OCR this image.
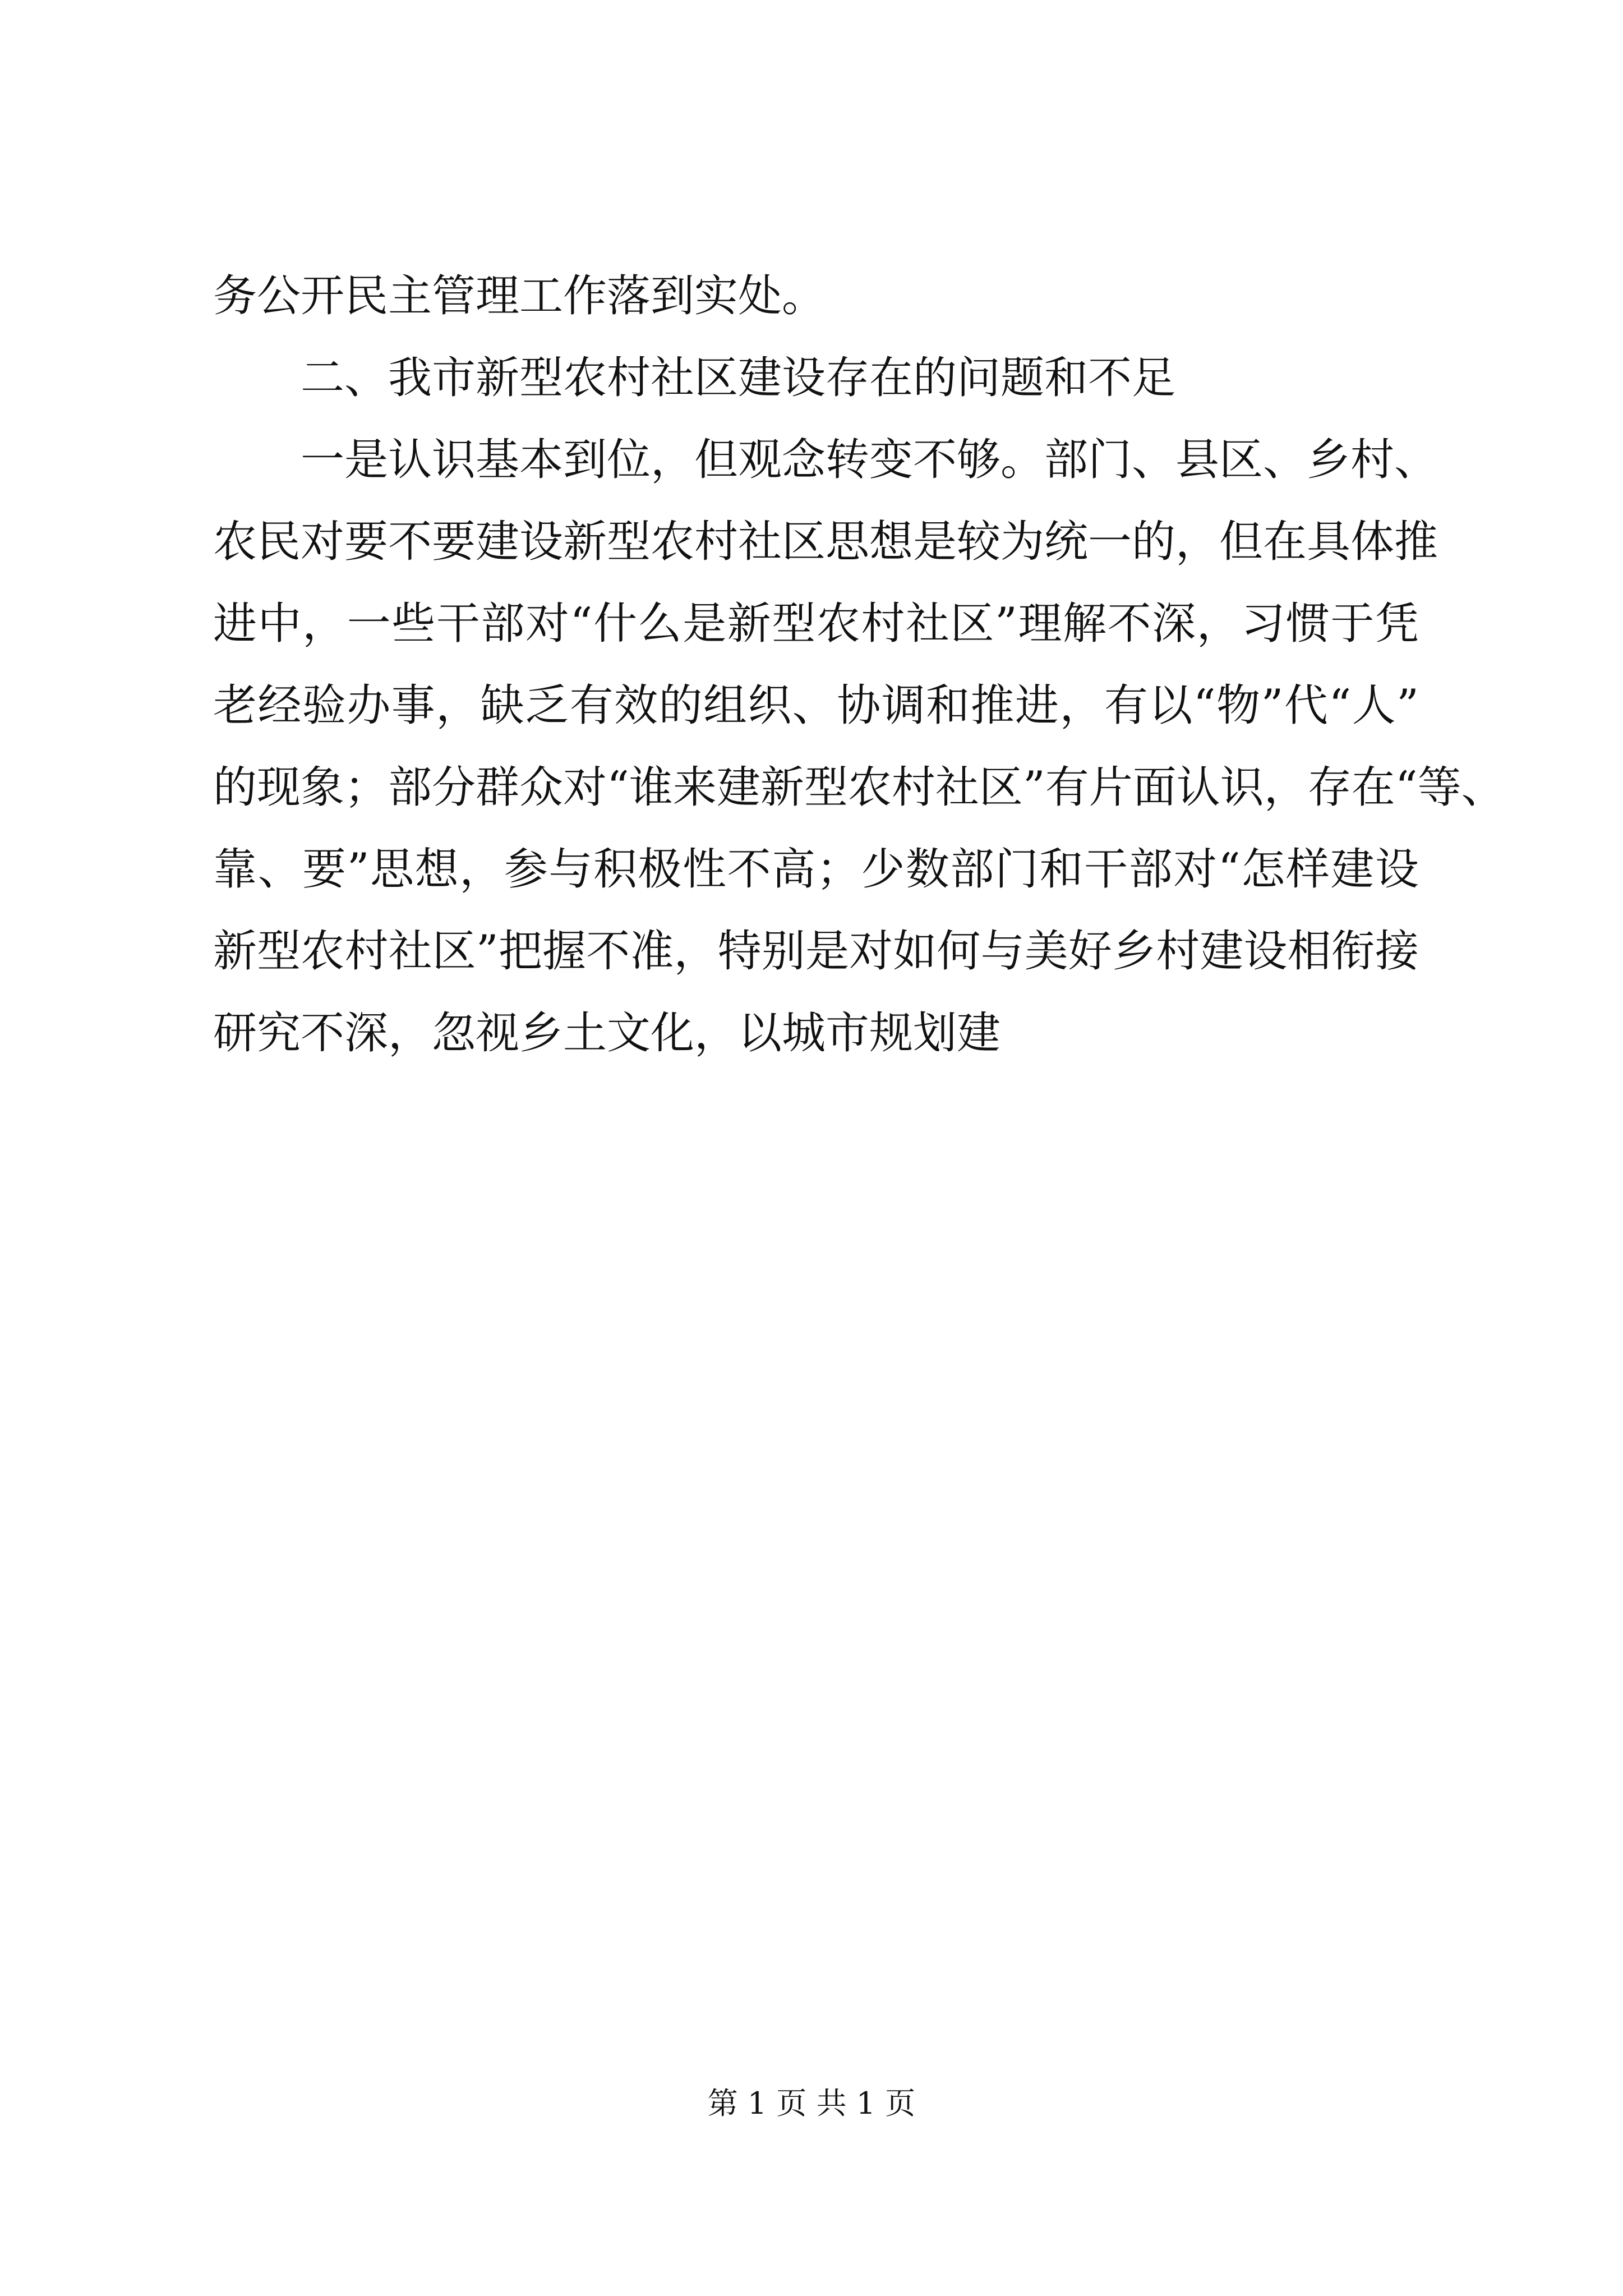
务公开民主管理工作落到实处。
二、我市新型农村社区建设存在的问题和不足
一是认识基本到位，但观念转变不够。部门、县区、乡村、
农民对要不要建设新型农村社区思想是较为统一的，但在具体推
进中，一些干部对“什么是新型农村社区”理解不深，习惯于凭
老经验办事，缺乏有效的组织、协调和推进，有以“物”代“人”
的现象；部分群众对“谁来建新型农村社区”有片面认识，存在“等、
靠、要”思想，参与积极性不高；少数部门和干部对“怎样建设
新型农村社区”把握不准，特别是对如何与美好乡村建设相衔接
研究不深，忽视乡土文化，以城市规划建
第 1 页 共 1 页
